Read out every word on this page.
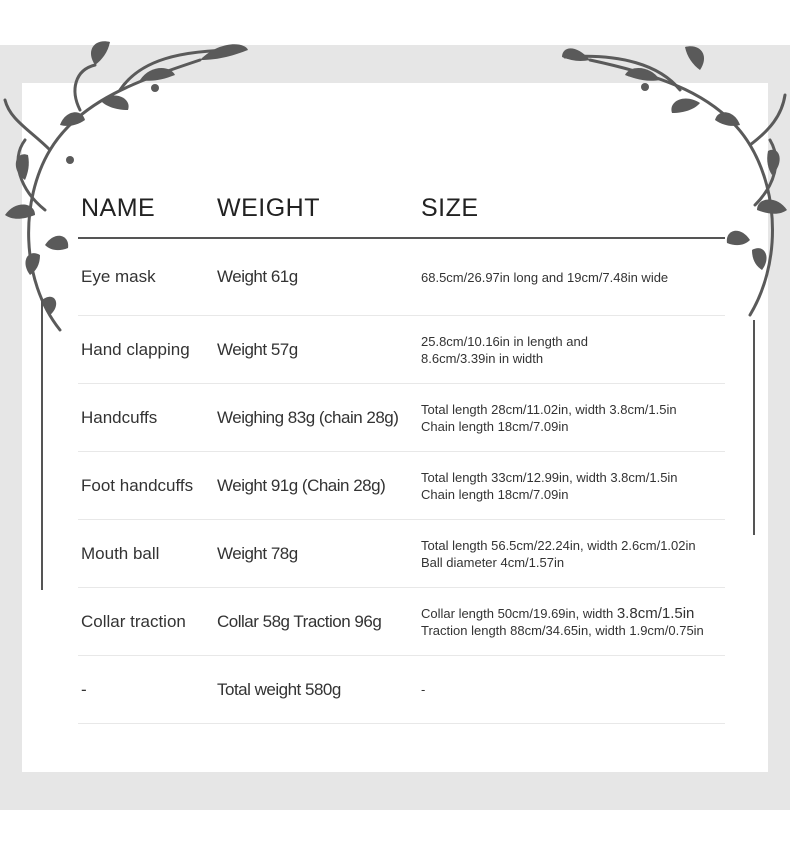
NAME	WEIGHT	SIZE
Eye mask	Weight 61g	68.5cm/26.97in long and 19cm/7.48in wide
Hand clapping	Weight 57g	25.8cm/10.16in in length and
8.6cm/3.39in in width
Handcuffs	Weighing 83g (chain 28g)	Total length 28cm/11.02in, width 3.8cm/1.5in
Chain length 18cm/7.09in
Foot handcuffs	Weight 91g (Chain 28g)	Total length 33cm/12.99in, width 3.8cm/1.5in
Chain length 18cm/7.09in
Mouth ball	Weight 78g	Total length 56.5cm/22.24in, width 2.6cm/1.02in
Ball diameter 4cm/1.57in
Collar traction	Collar 58g Traction 96g	Collar length 50cm/19.69in, width 3.8cm/1.5in
Traction length 88cm/34.65in, width 1.9cm/0.75in
-	Total weight 580g	-
